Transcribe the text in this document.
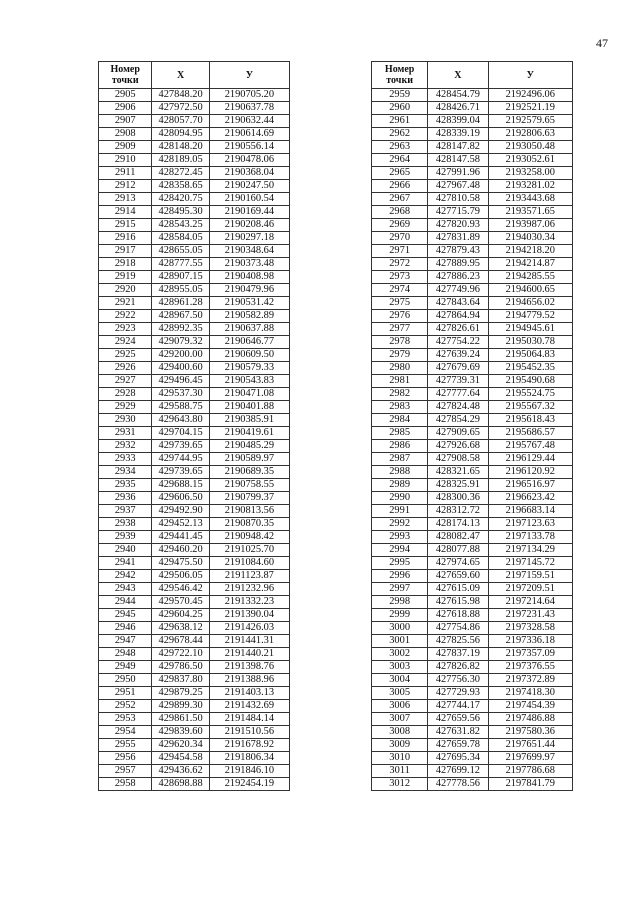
47
Номер точки	X	У
2905	427848.20	2190705.20
2906	427972.50	2190637.78
2907	428057.70	2190632.44
2908	428094.95	2190614.69
2909	428148.20	2190556.14
2910	428189.05	2190478.06
2911	428272.45	2190368.04
2912	428358.65	2190247.50
2913	428420.75	2190160.54
2914	428495.30	2190169.44
2915	428543.25	2190208.46
2916	428584.05	2190297.18
2917	428655.05	2190348.64
2918	428777.55	2190373.48
2919	428907.15	2190408.98
2920	428955.05	2190479.96
2921	428961.28	2190531.42
2922	428967.50	2190582.89
2923	428992.35	2190637.88
2924	429079.32	2190646.77
2925	429200.00	2190609.50
2926	429400.60	2190579.33
2927	429496.45	2190543.83
2928	429537.30	2190471.08
2929	429588.75	2190401.88
2930	429643.80	2190385.91
2931	429704.15	2190419.61
2932	429739.65	2190485.29
2933	429744.95	2190589.97
2934	429739.65	2190689.35
2935	429688.15	2190758.55
2936	429606.50	2190799.37
2937	429492.90	2190813.56
2938	429452.13	2190870.35
2939	429441.45	2190948.42
2940	429460.20	2191025.70
2941	429475.50	2191084.60
2942	429506.05	2191123.87
2943	429546.42	2191232.96
2944	429570.45	2191332.23
2945	429604.25	2191390.04
2946	429638.12	2191426.03
2947	429678.44	2191441.31
2948	429722.10	2191440.21
2949	429786.50	2191398.76
2950	429837.80	2191388.96
2951	429879.25	2191403.13
2952	429899.30	2191432.69
2953	429861.50	2191484.14
2954	429839.60	2191510.56
2955	429620.34	2191678.92
2956	429454.58	2191806.34
2957	429436.62	2191846.10
2958	428698.88	2192454.19
Номер точки	X	У
2959	428454.79	2192496.06
2960	428426.71	2192521.19
2961	428399.04	2192579.65
2962	428339.19	2192806.63
2963	428147.82	2193050.48
2964	428147.58	2193052.61
2965	427991.96	2193258.00
2966	427967.48	2193281.02
2967	427810.58	2193443.68
2968	427715.79	2193571.65
2969	427820.93	2193987.06
2970	427831.89	2194030.34
2971	427879.43	2194218.20
2972	427889.95	2194214.87
2973	427886.23	2194285.55
2974	427749.96	2194600.65
2975	427843.64	2194656.02
2976	427864.94	2194779.52
2977	427826.61	2194945.61
2978	427754.22	2195030.78
2979	427639.24	2195064.83
2980	427679.69	2195452.35
2981	427739.31	2195490.68
2982	427777.64	2195524.75
2983	427824.48	2195567.32
2984	427854.29	2195618.43
2985	427909.65	2195686.57
2986	427926.68	2195767.48
2987	427908.58	2196129.44
2988	428321.65	2196120.92
2989	428325.91	2196516.97
2990	428300.36	2196623.42
2991	428312.72	2196683.14
2992	428174.13	2197123.63
2993	428082.47	2197133.78
2994	428077.88	2197134.29
2995	427974.65	2197145.72
2996	427659.60	2197159.51
2997	427615.09	2197209.51
2998	427615.98	2197214.64
2999	427618.88	2197231.43
3000	427754.86	2197328.58
3001	427825.56	2197336.18
3002	427837.19	2197357.09
3003	427826.82	2197376.55
3004	427756.30	2197372.89
3005	427729.93	2197418.30
3006	427744.17	2197454.39
3007	427659.56	2197486.88
3008	427631.82	2197580.36
3009	427659.78	2197651.44
3010	427695.34	2197699.97
3011	427699.12	2197786.68
3012	427778.56	2197841.79
